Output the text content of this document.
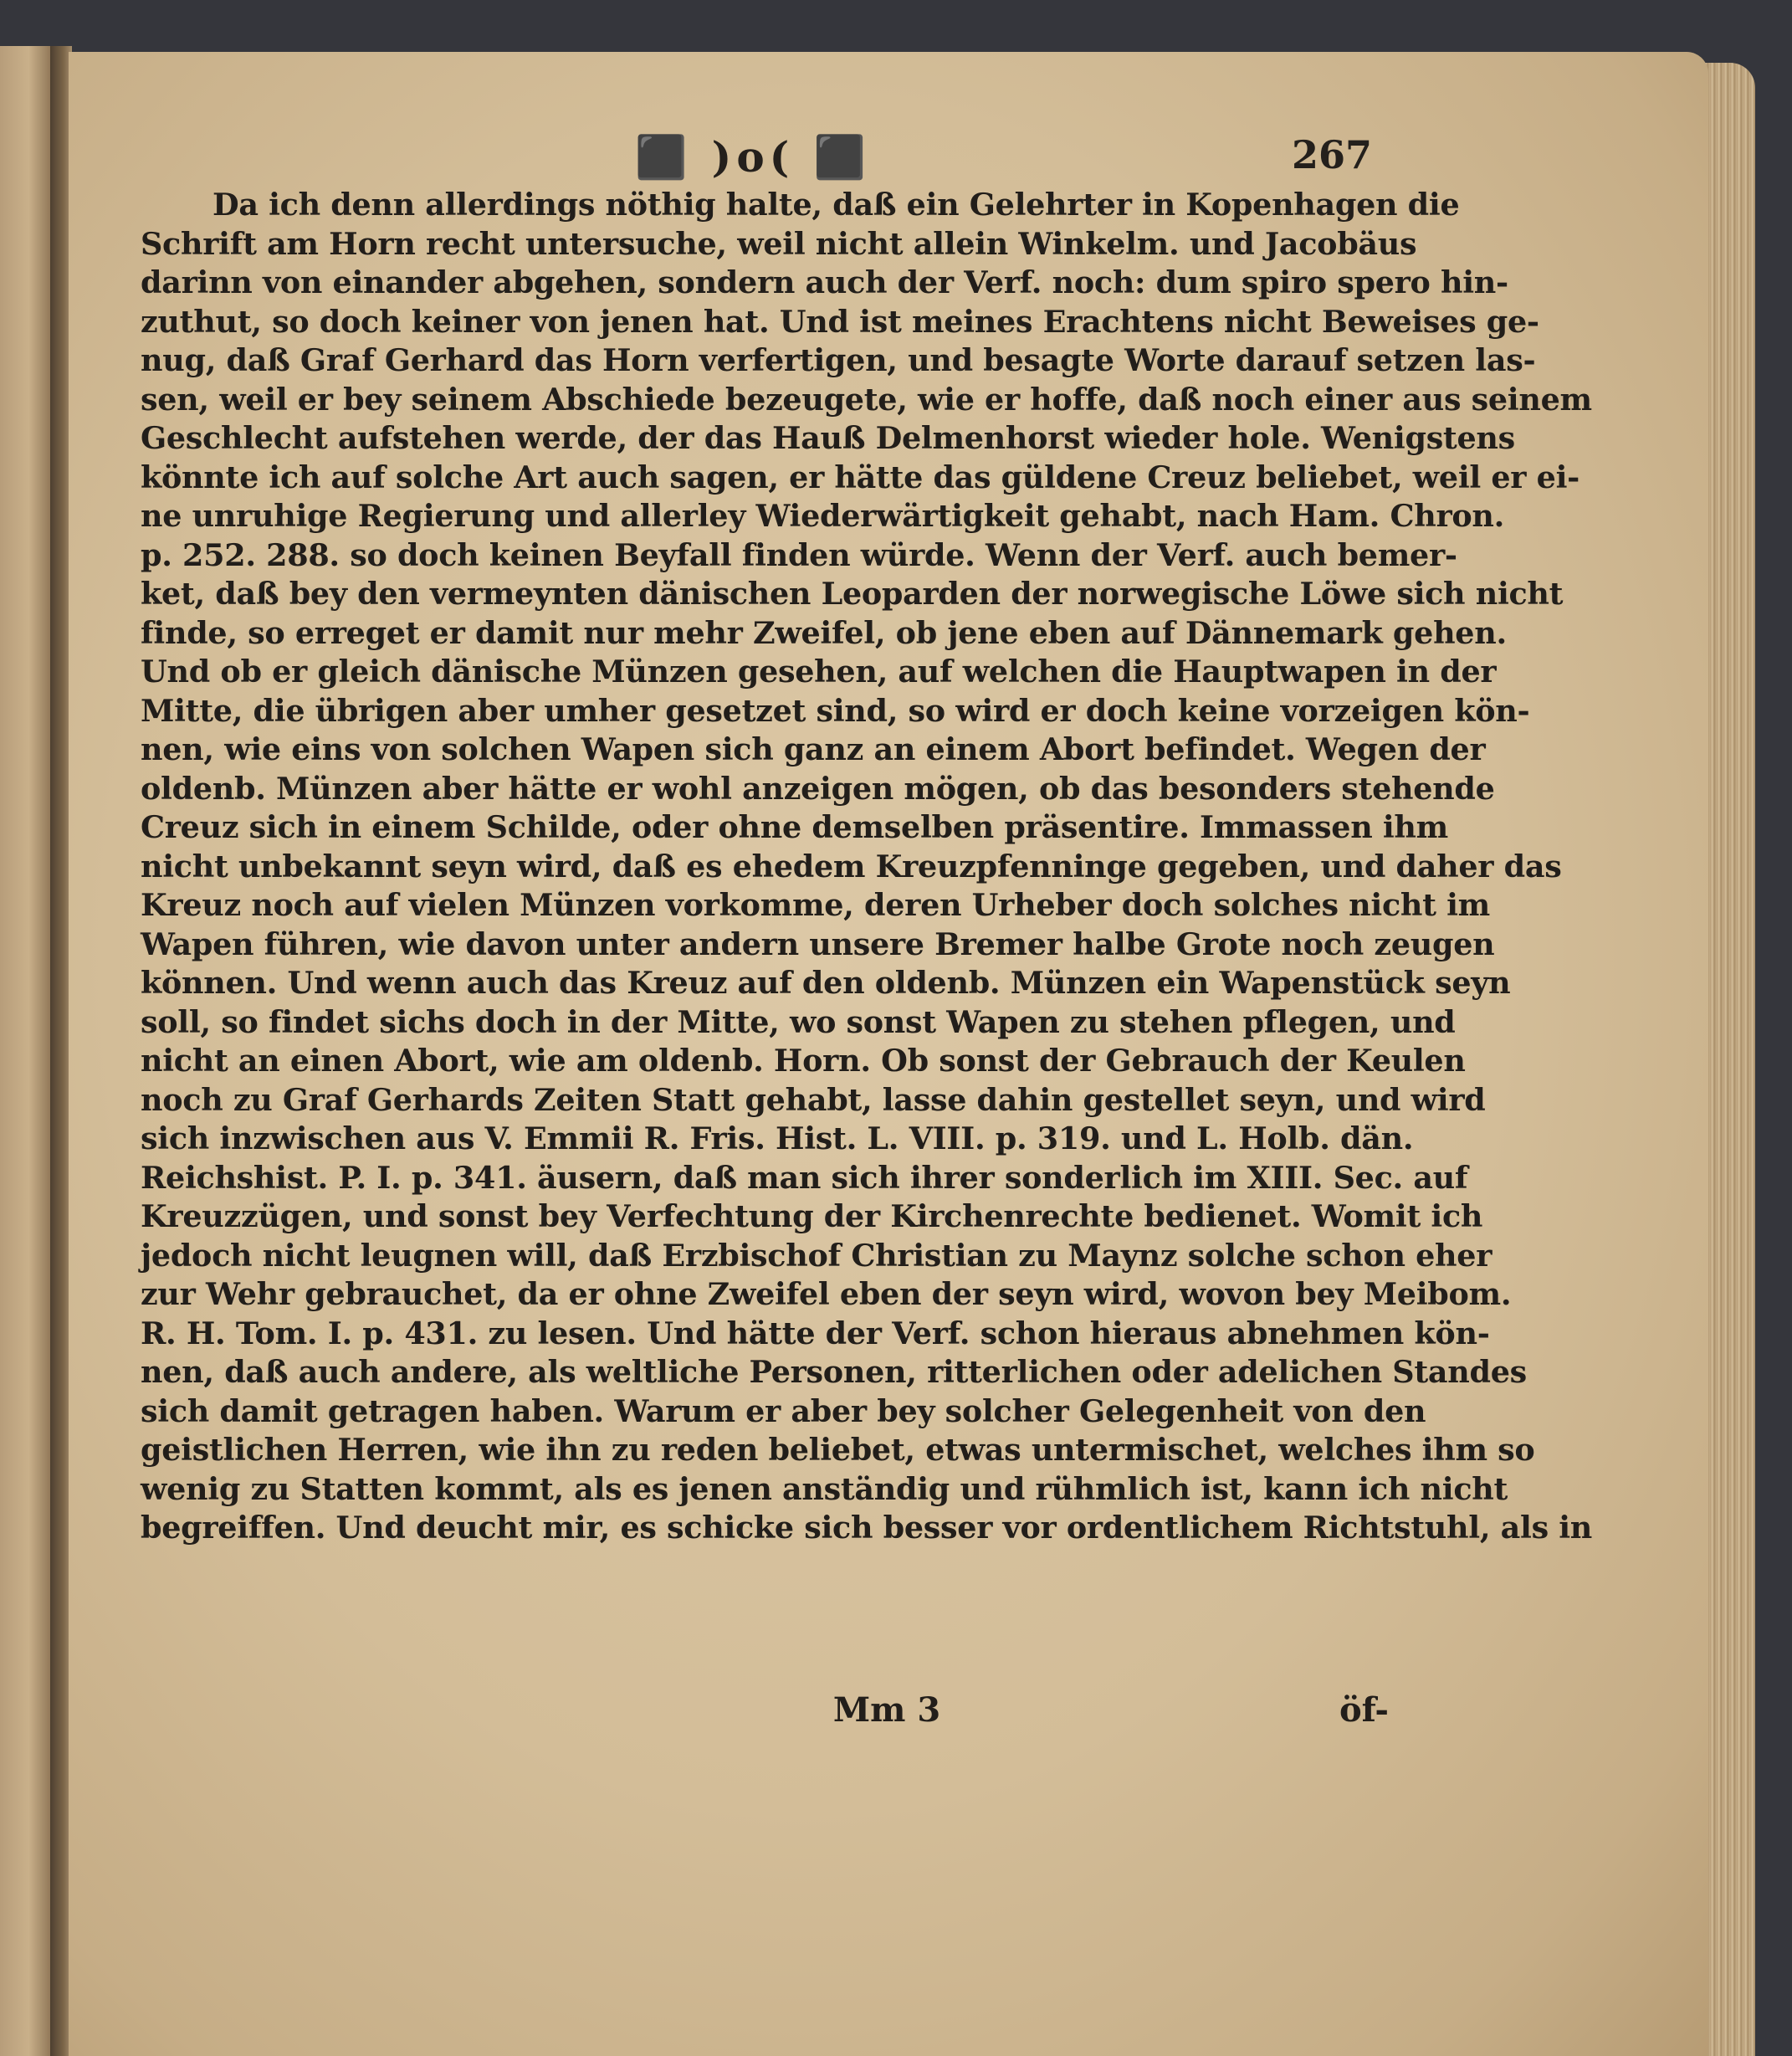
⬛ )o( ⬛	267
Da ich denn allerdings nöthig halte, daß ein Gelehrter in Kopenhagen die
Schrift am Horn recht untersuche, weil nicht allein Winkelm. und Jacobäus
darinn von einander abgehen, sondern auch der Verf. noch: dum spiro spero hin-
zuthut, so doch keiner von jenen hat. Und ist meines Erachtens nicht Beweises ge-
nug, daß Graf Gerhard das Horn verfertigen, und besagte Worte darauf setzen las-
sen, weil er bey seinem Abschiede bezeugete, wie er hoffe, daß noch einer aus seinem
Geschlecht aufstehen werde, der das Hauß Delmenhorst wieder hole. Wenigstens
könnte ich auf solche Art auch sagen, er hätte das güldene Creuz beliebet, weil er ei-
ne unruhige Regierung und allerley Wiederwärtigkeit gehabt, nach Ham. Chron.
p. 252. 288. so doch keinen Beyfall finden würde. Wenn der Verf. auch bemer-
ket, daß bey den vermeynten dänischen Leoparden der norwegische Löwe sich nicht
finde, so erreget er damit nur mehr Zweifel, ob jene eben auf Dännemark gehen.
Und ob er gleich dänische Münzen gesehen, auf welchen die Hauptwapen in der
Mitte, die übrigen aber umher gesetzet sind, so wird er doch keine vorzeigen kön-
nen, wie eins von solchen Wapen sich ganz an einem Abort befindet. Wegen der
oldenb. Münzen aber hätte er wohl anzeigen mögen, ob das besonders stehende
Creuz sich in einem Schilde, oder ohne demselben präsentire. Immassen ihm
nicht unbekannt seyn wird, daß es ehedem Kreuzpfenninge gegeben, und daher das
Kreuz noch auf vielen Münzen vorkomme, deren Urheber doch solches nicht im
Wapen führen, wie davon unter andern unsere Bremer halbe Grote noch zeugen
können. Und wenn auch das Kreuz auf den oldenb. Münzen ein Wapenstück seyn
soll, so findet sichs doch in der Mitte, wo sonst Wapen zu stehen pflegen, und
nicht an einen Abort, wie am oldenb. Horn. Ob sonst der Gebrauch der Keulen
noch zu Graf Gerhards Zeiten Statt gehabt, lasse dahin gestellet seyn, und wird
sich inzwischen aus V. Emmii R. Fris. Hist. L. VIII. p. 319. und L. Holb. dän.
Reichshist. P. I. p. 341. äusern, daß man sich ihrer sonderlich im XIII. Sec. auf
Kreuzzügen, und sonst bey Verfechtung der Kirchenrechte bedienet. Womit ich
jedoch nicht leugnen will, daß Erzbischof Christian zu Maynz solche schon eher
zur Wehr gebrauchet, da er ohne Zweifel eben der seyn wird, wovon bey Meibom.
R. H. Tom. I. p. 431. zu lesen. Und hätte der Verf. schon hieraus abnehmen kön-
nen, daß auch andere, als weltliche Personen, ritterlichen oder adelichen Standes
sich damit getragen haben. Warum er aber bey solcher Gelegenheit von den
geistlichen Herren, wie ihn zu reden beliebet, etwas untermischet, welches ihm so
wenig zu Statten kommt, als es jenen anständig und rühmlich ist, kann ich nicht
begreiffen. Und deucht mir, es schicke sich besser vor ordentlichem Richtstuhl, als in
Mm 3	öf-
